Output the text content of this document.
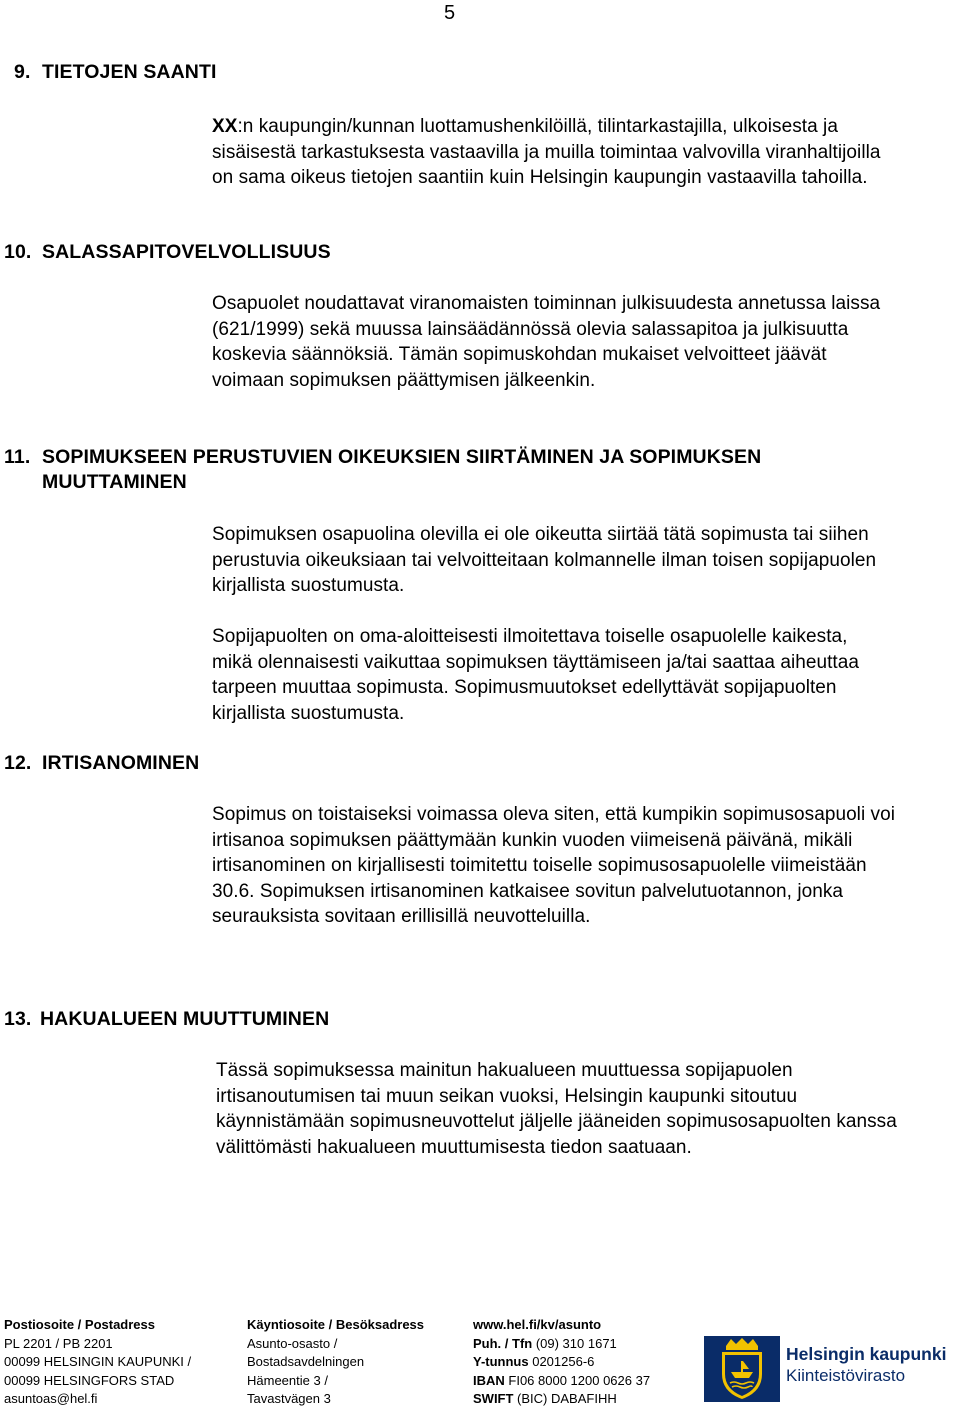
5
9. TIETOJEN SAANTI
XX:n kaupungin/kunnan luottamushenkilöillä, tilintarkastajilla, ulkoisesta ja sisäisestä tarkastuksesta vastaavilla ja muilla toimintaa valvovilla viranhaltijoilla on sama oikeus tietojen saantiin kuin Helsingin kaupungin vastaavilla tahoilla.
10. SALASSAPITOVELVOLLISUUS
Osapuolet noudattavat viranomaisten toiminnan julkisuudesta annetussa laissa (621/1999) sekä muussa lainsäädännössä olevia salassapitoa ja julkisuutta koskevia säännöksiä. Tämän sopimuskohdan mukaiset velvoitteet jäävät voimaan sopimuksen päättymisen jälkeenkin.
11. SOPIMUKSEEN PERUSTUVIEN OIKEUKSIEN SIIRTÄMINEN JA SOPIMUKSEN
MUUTTAMINEN
Sopimuksen osapuolina olevilla ei ole oikeutta siirtää tätä sopimusta tai siihen perustuvia oikeuksiaan tai velvoitteitaan kolmannelle ilman toisen sopijapuolen kirjallista suostumusta.
Sopijapuolten on oma-aloitteisesti ilmoitettava toiselle osapuolelle kaikesta, mikä olennaisesti vaikuttaa sopimuksen täyttämiseen ja/tai saattaa aiheuttaa tarpeen muuttaa sopimusta. Sopimusmuutokset edellyttävät sopijapuolten kirjallista suostumusta.
12. IRTISANOMINEN
Sopimus on toistaiseksi voimassa oleva siten, että kumpikin sopimusosapuoli voi irtisanoa sopimuksen päättymään kunkin vuoden viimeisenä päivänä, mikäli irtisanominen on kirjallisesti toimitettu toiselle sopimusosapuolelle viimeistään 30.6. Sopimuksen irtisanominen katkaisee sovitun palvelutuotannon, jonka seurauksista sovitaan erillisillä neuvotteluilla.
13. HAKUALUEEN MUUTTUMINEN
Tässä sopimuksessa mainitun hakualueen muuttuessa sopijapuolen irtisanoutumisen tai muun seikan vuoksi, Helsingin kaupunki sitoutuu käynnistämään sopimusneuvottelut jäljelle jääneiden sopimusosapuolten kanssa välittömästi hakualueen muuttumisesta tiedon saatuaan.
Postiosoite / Postadress
PL 2201 / PB 2201
00099 HELSINGIN KAUPUNKI /
00099 HELSINGFORS STAD
asuntoas@hel.fi
Käyntiosoite / Besöksadress
Asunto-osasto /
Bostadsavdelningen
Hämeentie 3 /
Tavastvägen 3
www.hel.fi/kv/asunto
Puh. / Tfn (09) 310 1671
Y-tunnus 0201256-6
IBAN FI06 8000 1200 0626 37
SWIFT (BIC) DABAFIHH
Helsingin kaupunki
Kiinteistövirasto
